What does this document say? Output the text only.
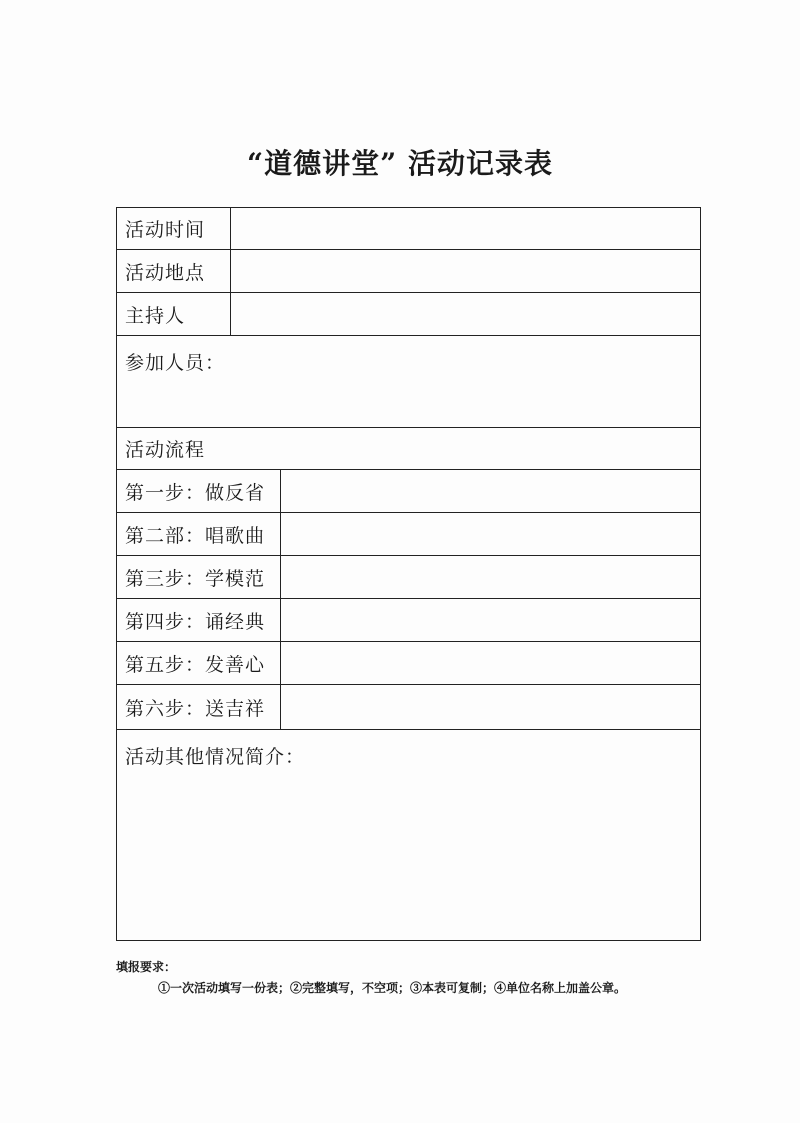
“道德讲堂” 活动记录表
活动时间
活动地点
主持人
参加人员：
活动流程
第一步：做反省
第二部：唱歌曲
第三步：学模范
第四步：诵经典
第五步：发善心
第六步：送吉祥
活动其他情况简介：
填报要求：
①一次活动填写一份表；②完整填写，不空项；③本表可复制；④单位名称上加盖公章。
